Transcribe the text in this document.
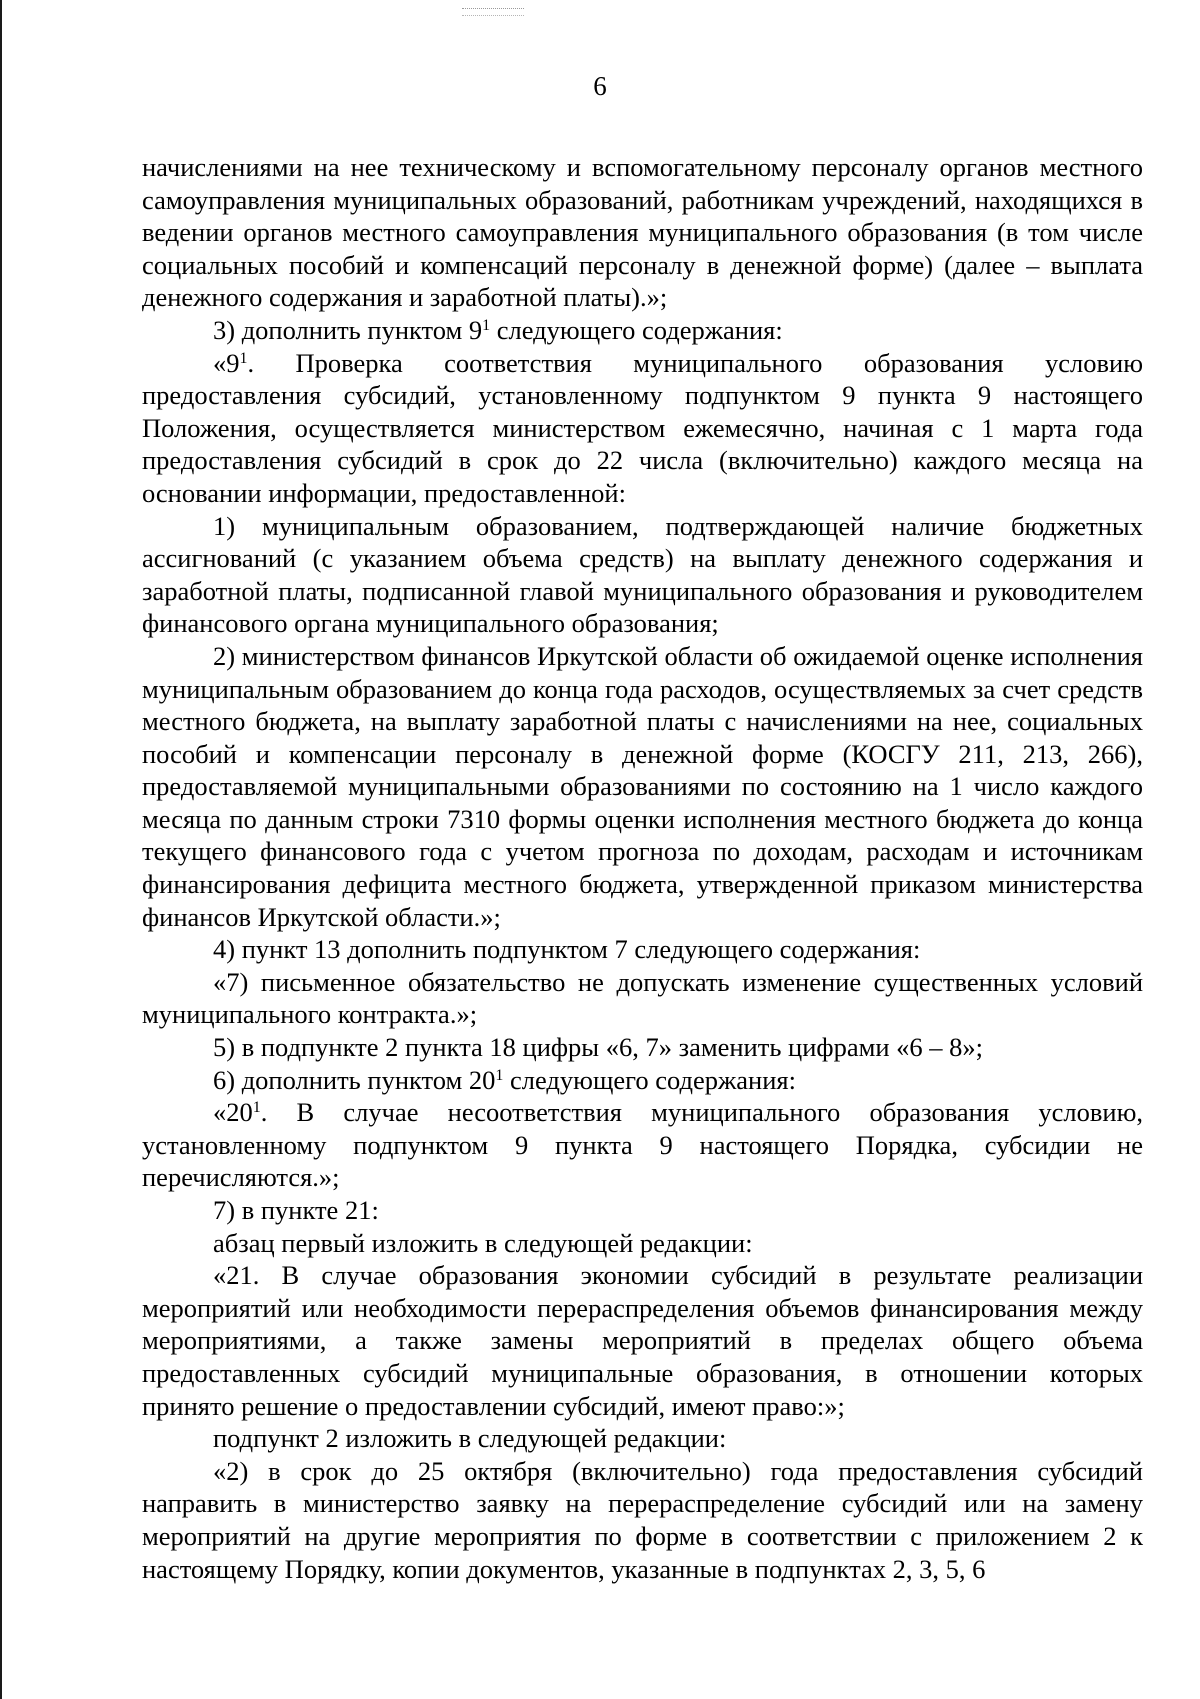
6

начислениями на нее техническому и вспомогательному персоналу органов местного самоуправления муниципальных образований, работникам учреждений, находящихся в ведении органов местного самоуправления муниципального образования (в том числе социальных пособий и компенсаций персоналу в денежной форме) (далее – выплата денежного содержания и заработной платы).»;

3) дополнить пунктом $9^1$ следующего содержания:

«$9^1$. Проверка соответствия муниципального образования условию предоставления субсидий, установленному подпунктом 9 пункта 9 настоящего Положения, осуществляется министерством ежемесячно, начиная с 1 марта года предоставления субсидий в срок до 22 числа (включительно) каждого месяца на основании информации, предоставленной:

1) муниципальным образованием, подтверждающей наличие бюджетных ассигнований (с указанием объема средств) на выплату денежного содержания и заработной платы, подписанной главой муниципального образования и руководителем финансового органа муниципального образования;

2) министерством финансов Иркутской области об ожидаемой оценке исполнения муниципальным образованием до конца года расходов, осуществляемых за счет средств местного бюджета, на выплату заработной платы с начислениями на нее, социальных пособий и компенсации персоналу в денежной форме (КОСГУ 211, 213, 266), предоставляемой муниципальными образованиями по состоянию на 1 число каждого месяца по данным строки 7310 формы оценки исполнения местного бюджета до конца текущего финансового года с учетом прогноза по доходам, расходам и источникам финансирования дефицита местного бюджета, утвержденной приказом министерства финансов Иркутской области.»;

4) пункт 13 дополнить подпунктом 7 следующего содержания:

«7) письменное обязательство не допускать изменение существенных условий муниципального контракта.»;

5) в подпункте 2 пункта 18 цифры «6, 7» заменить цифрами «6 – 8»;

6) дополнить пунктом $20^1$ следующего содержания:

«$20^1$. В случае несоответствия муниципального образования условию, установленному подпунктом 9 пункта 9 настоящего Порядка, субсидии не перечисляются.»;

7) в пункте 21:

абзац первый изложить в следующей редакции:

«21. В случае образования экономии субсидий в результате реализации мероприятий или необходимости перераспределения объемов финансирования между мероприятиями, а также замены мероприятий в пределах общего объема предоставленных субсидий муниципальные образования, в отношении которых принято решение о предоставлении субсидий, имеют право:»;

подпункт 2 изложить в следующей редакции:

«2) в срок до 25 октября (включительно) года предоставления субсидий направить в министерство заявку на перераспределение субсидий или на замену мероприятий на другие мероприятия по форме в соответствии с приложением 2 к настоящему Порядку, копии документов, указанные в подпунктах 2, 3, 5, 6
